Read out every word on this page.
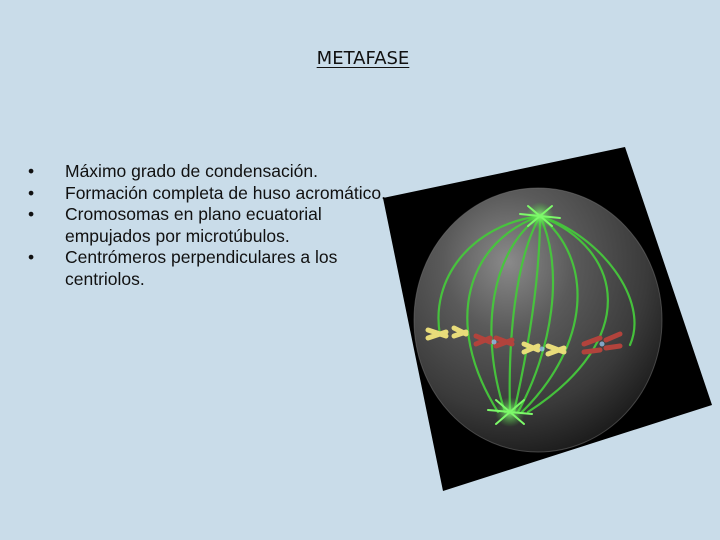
METAFASE
• Máximo grado de condensación.
• Formación completa de huso acromático.
• Cromosomas en plano ecuatorial empujados por microtúbulos.
• Centrómeros perpendiculares a los centriolos.
